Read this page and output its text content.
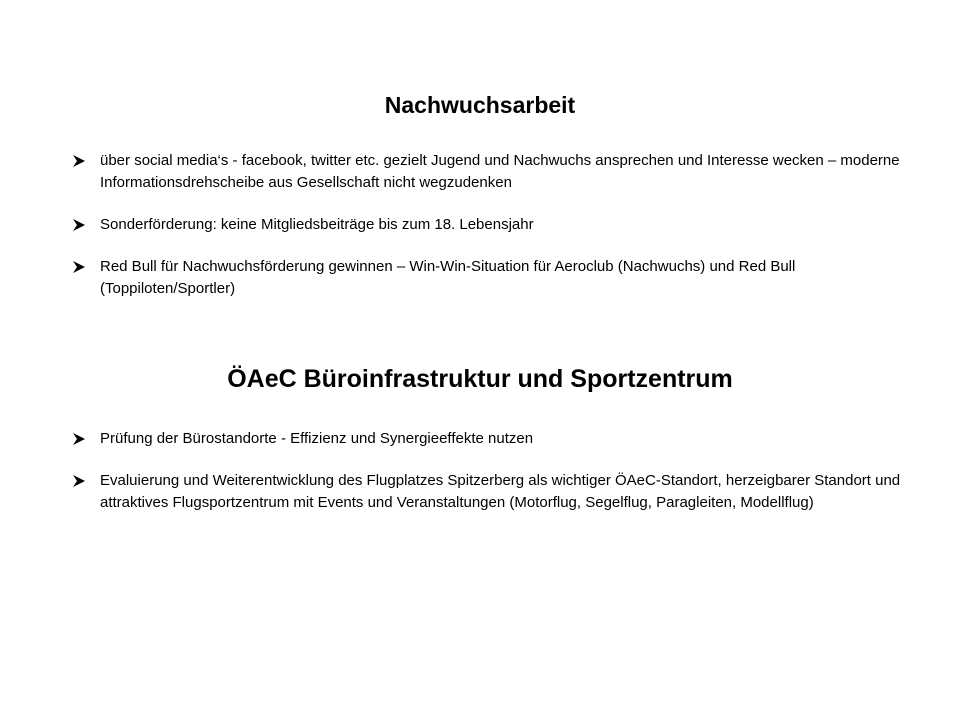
Nachwuchsarbeit
über social media‘s - facebook, twitter etc. gezielt Jugend und Nachwuchs ansprechen und Interesse wecken – moderne Informationsdrehscheibe aus Gesellschaft nicht wegzudenken
Sonderförderung: keine Mitgliedsbeiträge bis zum 18. Lebensjahr
Red Bull für Nachwuchsförderung gewinnen – Win-Win-Situation für Aeroclub (Nachwuchs) und Red Bull (Toppiloten/Sportler)
ÖAeC Büroinfrastruktur und Sportzentrum
Prüfung der Bürostandorte - Effizienz und Synergieeffekte nutzen
Evaluierung und Weiterentwicklung des Flugplatzes Spitzerberg als wichtiger ÖAeC-Standort, herzeigbarer Standort und attraktives Flugsportzentrum mit Events und Veranstaltungen (Motorflug, Segelflug, Paragleiten, Modellflug)
